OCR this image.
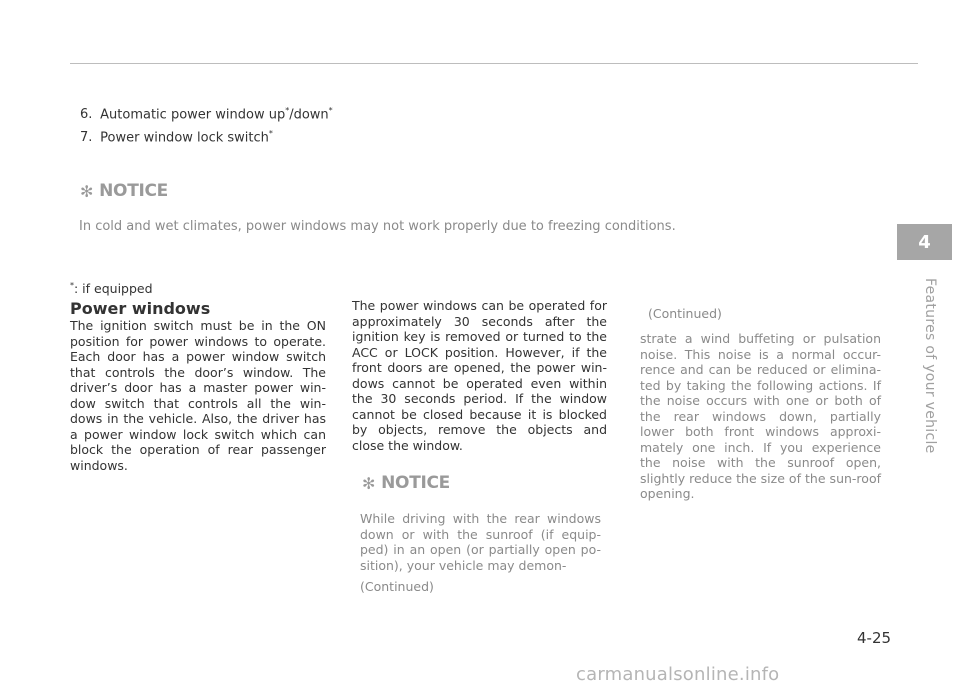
6. Automatic power window up*/down*
7. Power window lock switch*
✻ NOTICE
In cold and wet climates, power windows may not work properly due to freezing conditions.
*: if equipped
Power windows
The ignition switch must be in the ON position for power windows to operate. Each door has a power window switch that controls the door’s window. The driver’s door has a master power win-dow switch that controls all the win-dows in the vehicle. Also, the driver has a power window lock switch which can block the operation of rear passenger windows.
The power windows can be operated for approximately 30 seconds after the ignition key is removed or turned to the ACC or LOCK position. However, if the front doors are opened, the power win-dows cannot be operated even within the 30 seconds period. If the window cannot be closed because it is blocked by objects, remove the objects and close the window.
✻ NOTICE
While driving with the rear windows down or with the sunroof (if equip-ped) in an open (or partially open po-sition), your vehicle may demon-
(Continued)
(Continued)
strate a wind buffeting or pulsation noise. This noise is a normal occur-rence and can be reduced or elimina-ted by taking the following actions. If the noise occurs with one or both of the rear windows down, partially lower both front windows approxi-mately one inch. If you experience the noise with the sunroof open, slightly reduce the size of the sun-roof opening.
4
Features of your vehicle
4-25
carmanualsonline.info
